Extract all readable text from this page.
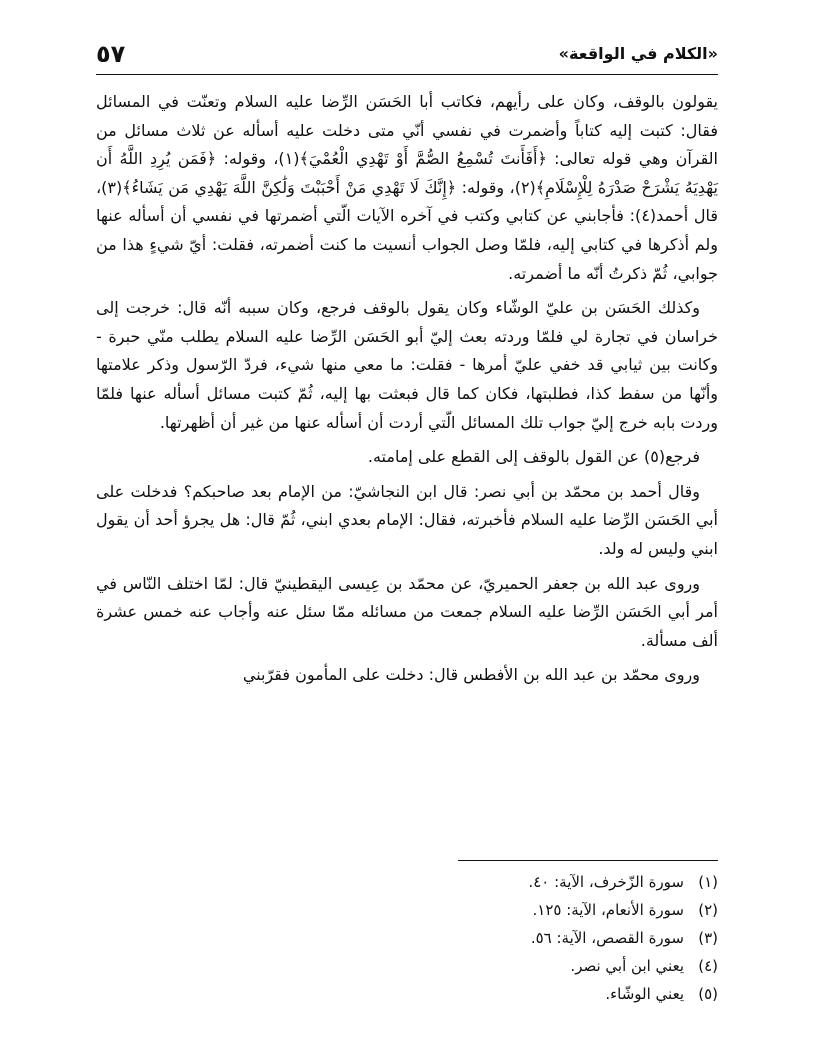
«الكلام في الواقعة»
٥٧

يقولون بالوقف، وكان على رأيهم، فكاتب أبا الحَسَن الرِّضا عليه السلام وتعنّت في المسائل فقال: كتبت إليه كتاباً وأضمرت في نفسي أنّي متى دخلت عليه أسأله عن ثلاث مسائل من القرآن وهي قوله تعالى: ﴿أَفَأَنتَ تُسْمِعُ الصُّمَّ أَوْ تَهْدِي الْعُمْيَ﴾(١)، وقوله: ﴿فَمَن يُرِدِ اللَّهُ أَن يَهْدِيَهُ يَشْرَحْ صَدْرَهُ لِلْإِسْلَامِ﴾(٢)، وقوله: ﴿إِنَّكَ لَا تَهْدِي مَنْ أَحْبَبْتَ وَلَٰكِنَّ اللَّهَ يَهْدِي مَن يَشَاءُ﴾(٣)، قال أحمد(٤): فأجابني عن كتابي وكتب في آخره الآيات الّتي أضمرتها في نفسي أن أسأله عنها ولم أذكرها في كتابي إليه، فلمّا وصل الجواب أنسيت ما كنت أضمرته، فقلت: أيّ شيءٍ هذا من جوابي، ثُمّ ذكرتُ أنّه ما أضمرته.

وكذلك الحَسَن بن عليّ الوشّاء وكان يقول بالوقف فرجع، وكان سببه أنّه قال: خرجت إلى خراسان في تجارة لي فلمّا وردته بعث إليّ أبو الحَسَن الرِّضا عليه السلام يطلب منّي حبرة - وكانت بين ثيابي قد خفي عليّ أمرها - فقلت: ما معي منها شيء، فردّ الرّسول وذكر علامتها وأنّها من سفط كذا، فطلبتها، فكان كما قال فبعثت بها إليه، ثُمّ كتبت مسائل أسأله عنها فلمّا وردت بابه خرج إليّ جواب تلك المسائل الّتي أردت أن أسأله عنها من غير أن أظهرتها.

فرجع(٥) عن القول بالوقف إلى القطع على إمامته.

وقال أحمد بن محمّد بن أبي نصر: قال ابن النجاشيّ: من الإمام بعد صاحبكم؟ فدخلت على أبي الحَسَن الرِّضا عليه السلام فأخبرته، فقال: الإمام بعدي ابني، ثُمّ قال: هل يجرؤ أحد أن يقول ابني وليس له ولد.

وروى عبد الله بن جعفر الحميريّ، عن محمّد بن عِيسى اليقطينيّ قال: لمّا اختلف النّاس في أمر أبي الحَسَن الرِّضا عليه السلام جمعت من مسائله ممّا سئل عنه وأجاب عنه خمس عشرة ألف مسألة.

وروى محمّد بن عبد الله بن الأفطس قال: دخلت على المأمون فقرّبني

(١)
سورة الزّخرف، الآية: ٤٠.
(٢)
سورة الأنعام، الآية: ١٢٥.
(٣)
سورة القصص، الآية: ٥٦.
(٤)
يعني ابن أبي نصر.
(٥)
يعني الوشّاء.
